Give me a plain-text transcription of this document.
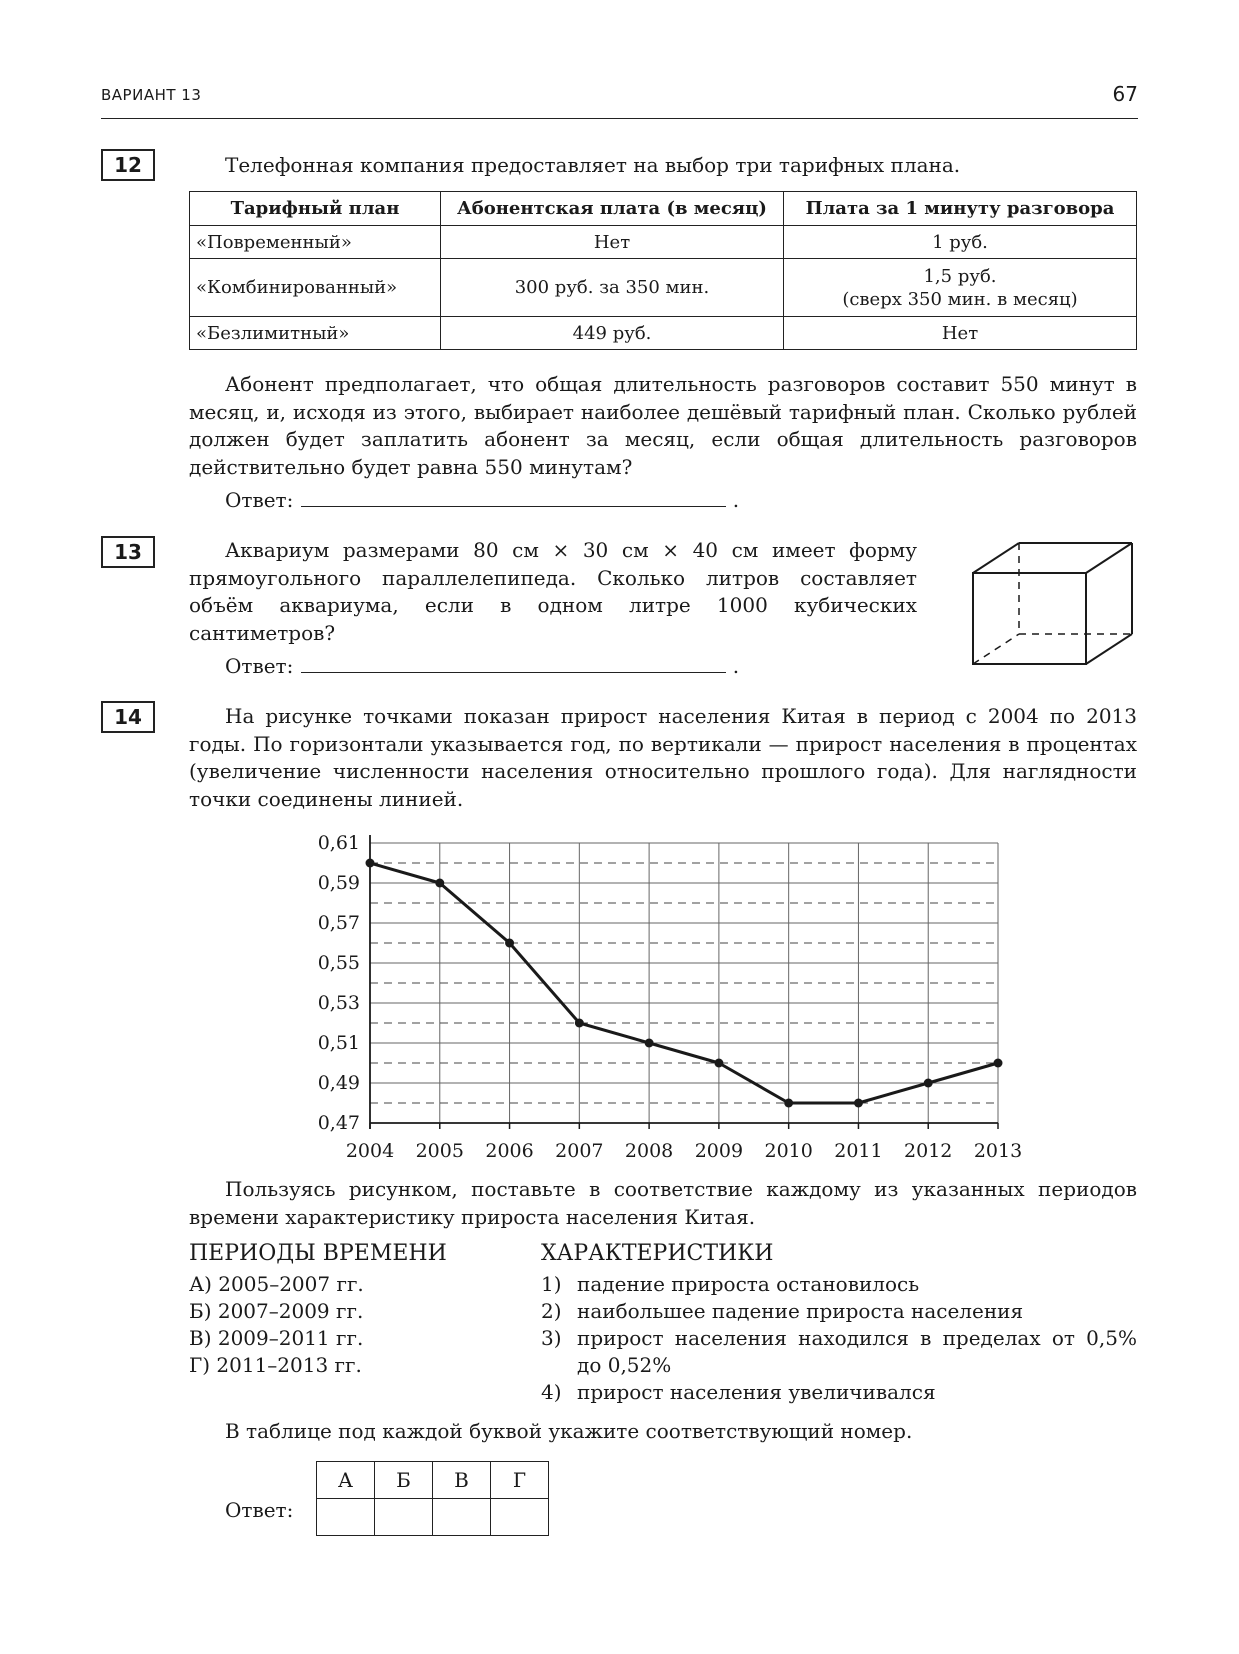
ВАРИАНТ 13	67
12	Телефонная компания предоставляет на выбор три тарифных плана.
Тарифный план	Абонентская плата (в месяц)	Плата за 1 минуту разговора
«Повременный»	Нет	1 руб.
«Комбинированный»	300 руб. за 350 мин.	1,5 руб.
(сверх 350 мин. в месяц)

«Безлимитный»	449 руб.	Нет
Абонент предполагает, что общая длительность разговоров составит 550 минут в месяц, и, исходя из этого, выбирает наиболее дешёвый тарифный план. Сколько рублей должен будет заплатить абонент за месяц, если общая длительность разговоров действительно будет равна 550 минутам?
Ответ:	.
13	Аквариум размерами 80 см × 30 см × 40 см имеет форму прямоугольного параллелепипеда. Сколько литров составляет объём аквариума, если в одном литре 1000 кубических сантиметров?
Ответ:	.
14	На рисунке точками показан прирост населения Китая в период с 2004 по 2013 годы. По горизонтали указывается год, по вертикали — прирост населения в процентах (увеличение численности населения относительно прошлого года). Для наглядности точки соединены линией.
0,47
0,49
0,51
0,53
0,55
0,57
0,59
0,61
2004 2005 2006 2007 2008 2009 2010 2011 2012 2013
Пользуясь рисунком, поставьте в соответствие каждому из указанных периодов времени характеристику прироста населения Китая.
ПЕРИОДЫ ВРЕМЕНИ
А) 2005–2007 гг.
Б) 2007–2009 гг.
В) 2009–2011 гг.
Г) 2011–2013 гг.
ХАРАКТЕРИСТИКИ
1) падение прироста остановилось
2) наибольшее падение прироста населения
3) прирост населения находился в пределах от 0,5% до 0,52%
4) прирост населения увеличивался
В таблице под каждой буквой укажите соответствующий номер.
Ответ:
А	Б	В	Г
